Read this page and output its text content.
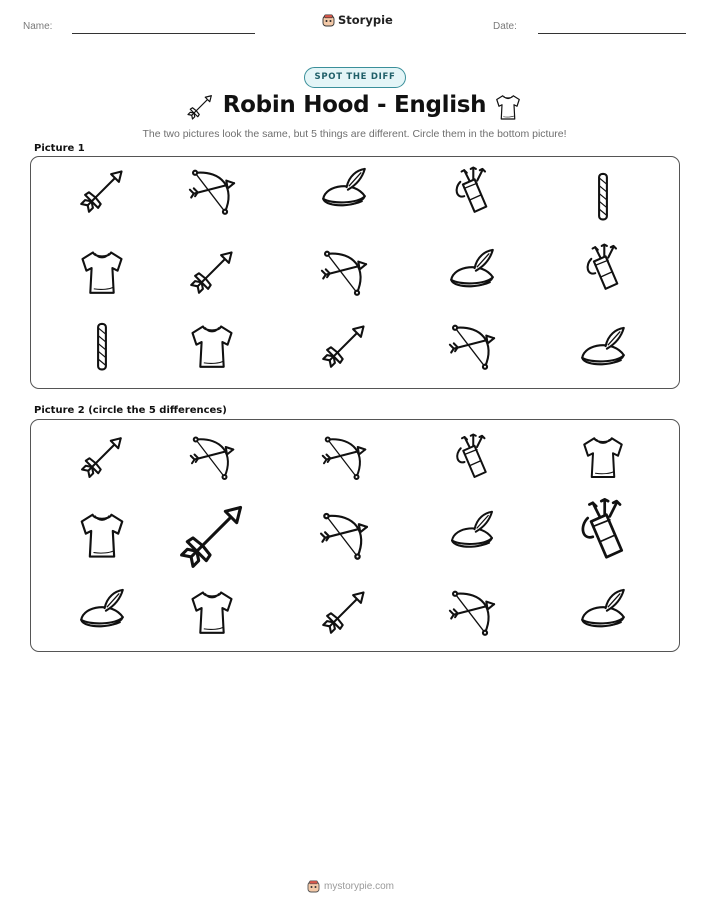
Name:	Storypie	Date:
SPOT THE DIFF
Robin Hood - English
The two pictures look the same, but 5 things are different. Circle them in the bottom picture!
Picture 1
Picture 2 (circle the 5 differences)
mystorypie.com
